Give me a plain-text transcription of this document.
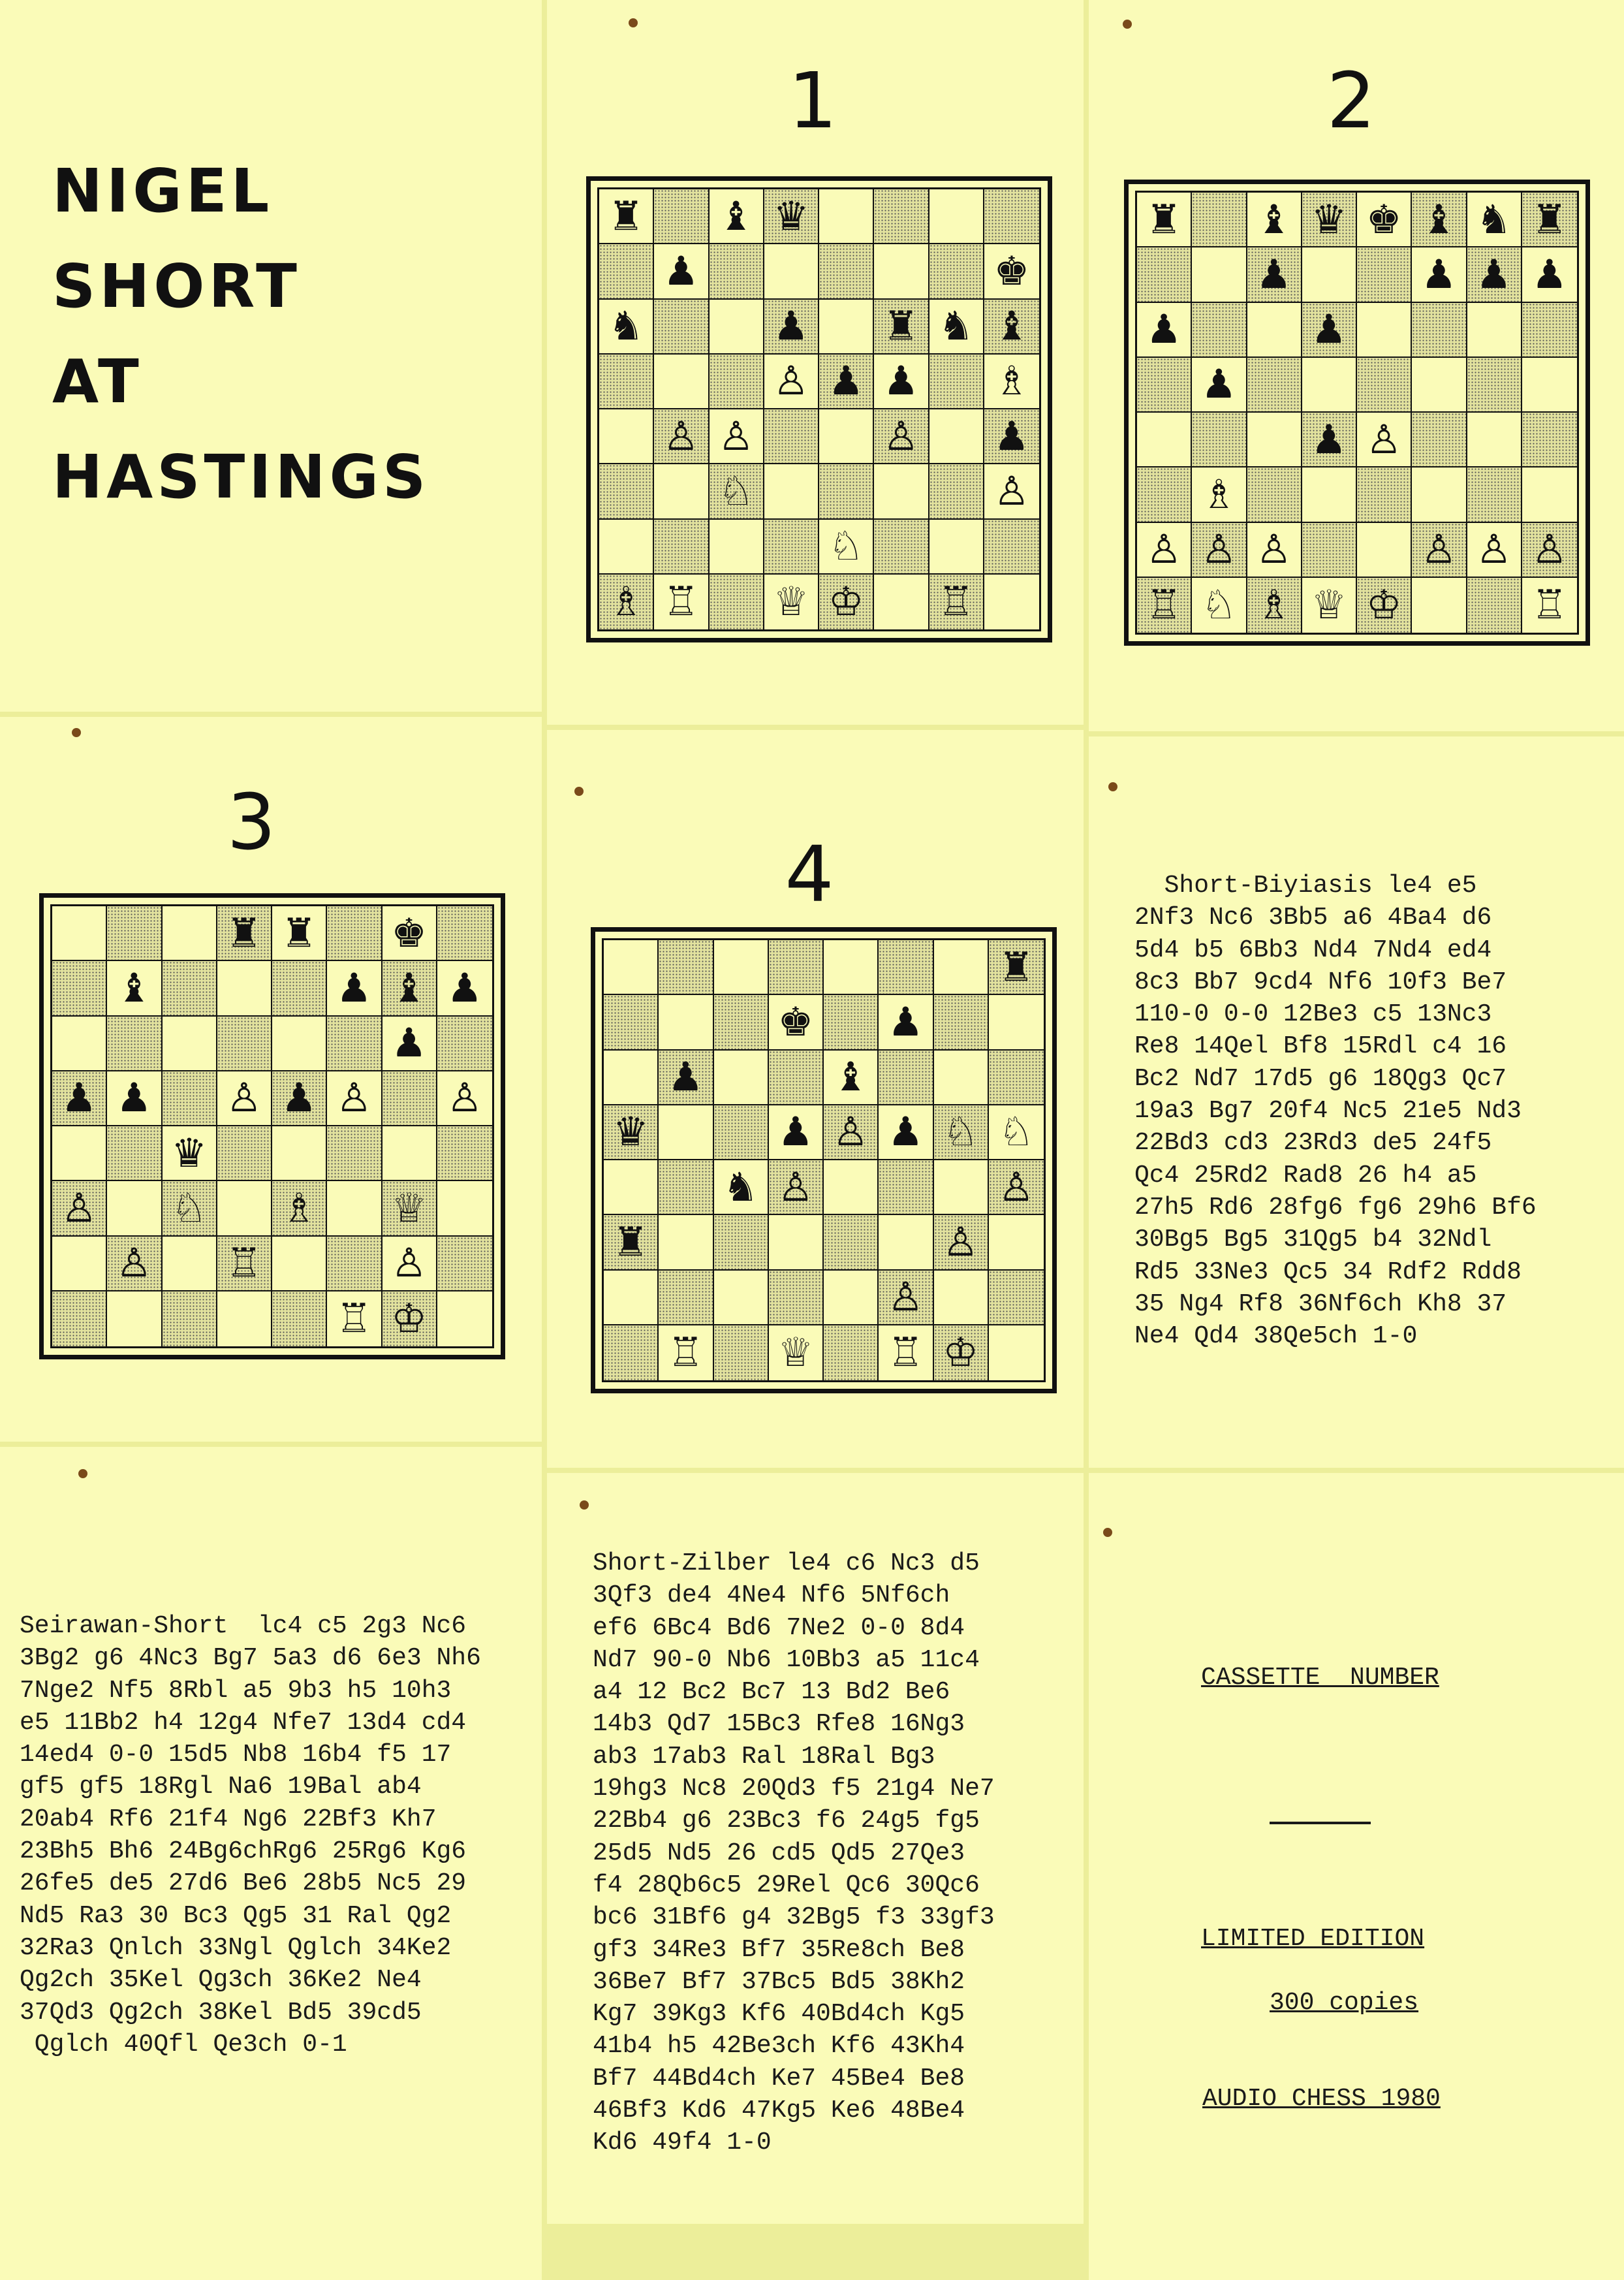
NIGEL
SHORT
AT
HASTINGS
1	2
3
4
♜ ♝ ♛
♟	♚
♞	♟ ♜ ♞ ♝
♙ ♟ ♟ ♗
♙ ♙	♙ ♟
♘	♙
♘
♗ ♖ ♕ ♔ ♖
♜ ♝ ♛ ♚ ♝ ♞ ♜
♟	♟ ♟ ♟
♟	♟
♟
♟ ♙
♗
♙ ♙ ♙	♙ ♙ ♙
♖ ♘ ♗ ♕ ♔	♖
♜ ♜ ♚
♝	♟ ♝ ♟
♟
♟ ♟ ♙ ♟ ♙ ♙
♛
♙ ♘ ♗ ♕
♙ ♖	♙
♖ ♔
♜
♚ ♟
♟	♝
♛	♟ ♙ ♟ ♘ ♘
♞ ♙	♙
♜	♙
♙
♖ ♕ ♖ ♔
Short-Biyiasis le4 e5
2Nf3 Nc6 3Bb5 a6 4Ba4 d6
5d4 b5 6Bb3 Nd4 7Nd4 ed4
8c3 Bb7 9cd4 Nf6 10f3 Be7
110-0 0-0 12Be3 c5 13Nc3
Re8 14Qel Bf8 15Rdl c4 16
Bc2 Nd7 17d5 g6 18Qg3 Qc7
19a3 Bg7 20f4 Nc5 21e5 Nd3
22Bd3 cd3 23Rd3 de5 24f5
Qc4 25Rd2 Rad8 26 h4 a5
27h5 Rd6 28fg6 fg6 29h6 Bf6
30Bg5 Bg5 31Qg5 b4 32Ndl
Rd5 33Ne3 Qc5 34 Rdf2 Rdd8
35 Ng4 Rf8 36Nf6ch Kh8 37
Ne4 Qd4 38Qe5ch 1-0
Seirawan-Short  lc4 c5 2g3 Nc6
3Bg2 g6 4Nc3 Bg7 5a3 d6 6e3 Nh6
7Nge2 Nf5 8Rbl a5 9b3 h5 10h3
e5 11Bb2 h4 12g4 Nfe7 13d4 cd4
14ed4 0-0 15d5 Nb8 16b4 f5 17
gf5 gf5 18Rgl Na6 19Bal ab4
20ab4 Rf6 21f4 Ng6 22Bf3 Kh7
23Bh5 Bh6 24Bg6chRg6 25Rg6 Kg6
26fe5 de5 27d6 Be6 28b5 Nc5 29
Nd5 Ra3 30 Bc3 Qg5 31 Ral Qg2
32Ra3 Qnlch 33Ngl Qglch 34Ke2
Qg2ch 35Kel Qg3ch 36Ke2 Ne4
37Qd3 Qg2ch 38Kel Bd5 39cd5
Qglch 40Qfl Qe3ch 0-1
Short-Zilber le4 c6 Nc3 d5
3Qf3 de4 4Ne4 Nf6 5Nf6ch
ef6 6Bc4 Bd6 7Ne2 0-0 8d4
Nd7 90-0 Nb6 10Bb3 a5 11c4
a4 12 Bc2 Bc7 13 Bd2 Be6
14b3 Qd7 15Bc3 Rfe8 16Ng3
ab3 17ab3 Ral 18Ral Bg3
19hg3 Nc8 20Qd3 f5 21g4 Ne7
22Bb4 g6 23Bc3 f6 24g5 fg5
25d5 Nd5 26 cd5 Qd5 27Qe3
f4 28Qb6c5 29Rel Qc6 30Qc6
bc6 31Bf6 g4 32Bg5 f3 33gf3
gf3 34Re3 Bf7 35Re8ch Be8
36Be7 Bf7 37Bc5 Bd5 38Kh2
Kg7 39Kg3 Kf6 40Bd4ch Kg5
41b4 h5 42Be3ch Kf6 43Kh4
Bf7 44Bd4ch Ke7 45Be4 Be8
46Bf3 Kd6 47Kg5 Ke6 48Be4
Kd6 49f4 1-0
CASSETTE  NUMBER
LIMITED EDITION
300 copies
AUDIO CHESS 1980
